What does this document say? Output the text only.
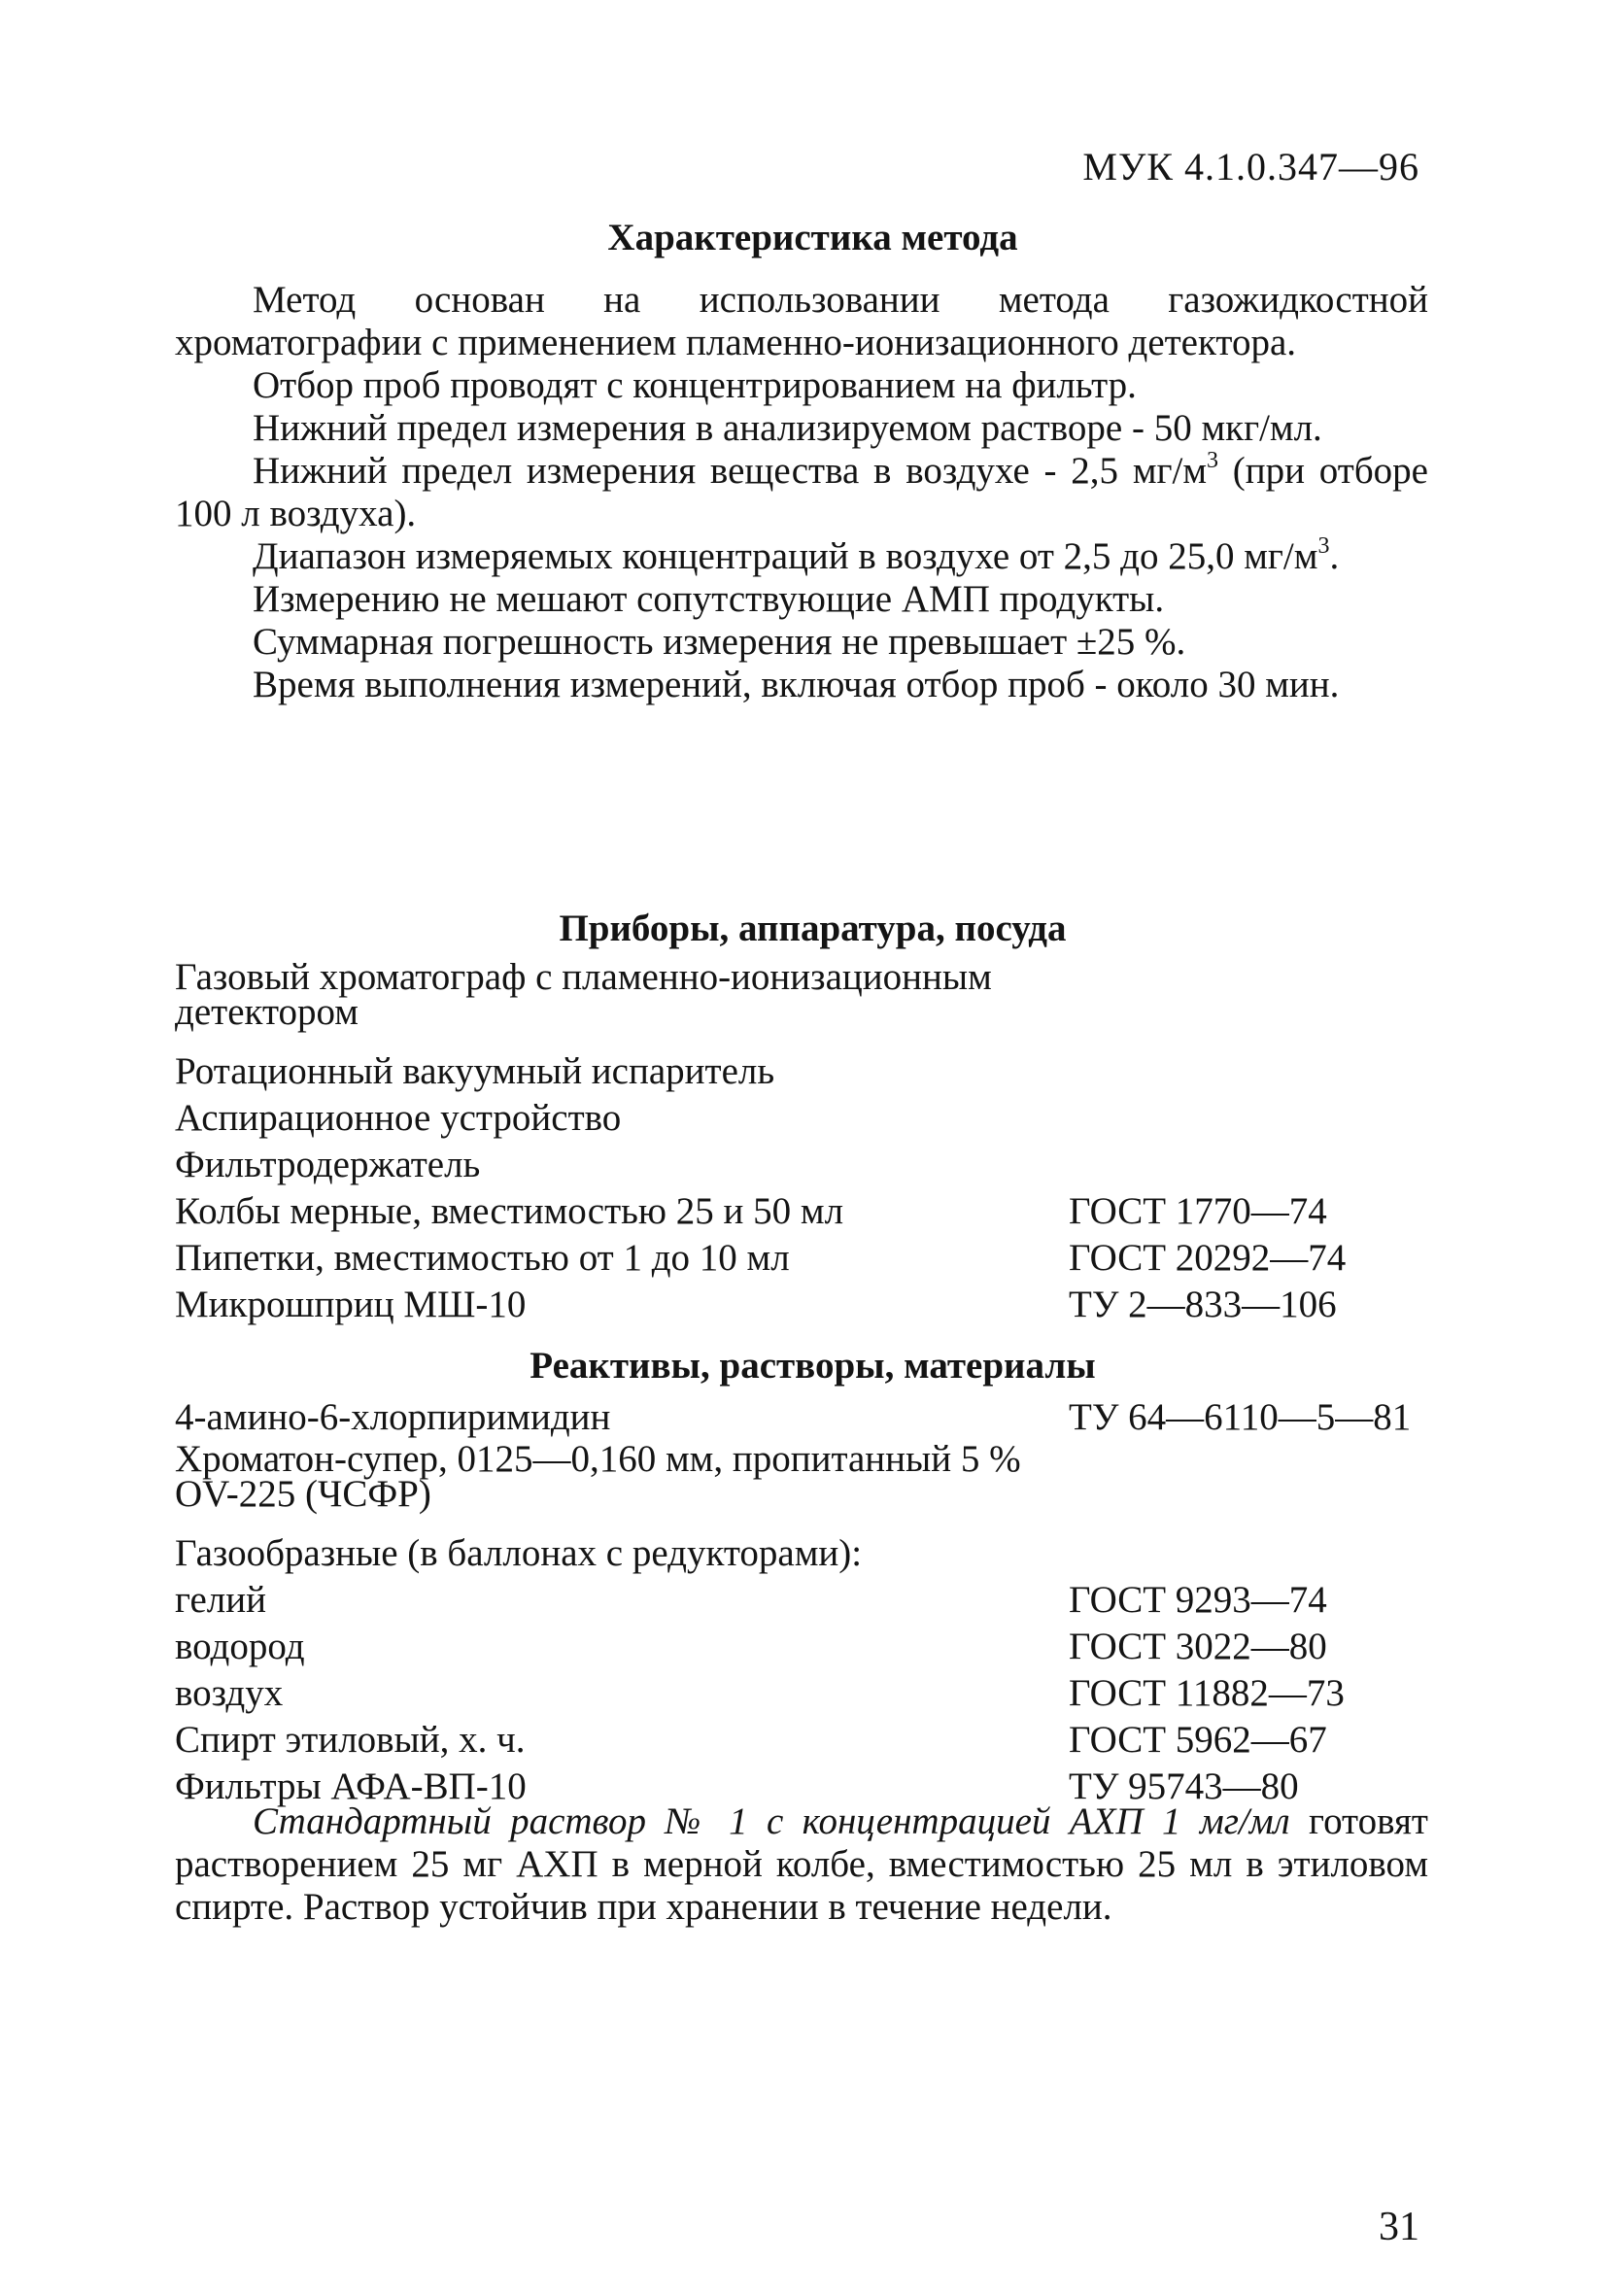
МУК 4.1.0.347—96
Характеристика метода

Метод основан на использовании метода газожидкостной хроматографии с применением пламенно-ионизационного детектора.

Отбор проб проводят с концентрированием на фильтр.

Нижний предел измерения в анализируемом растворе - 50 мкг/мл.

Нижний предел измерения вещества в воздухе - 2,5 $мг/м^3$ (при отборе 100 л воздуха).

Диапазон измеряемых концентраций в воздухе от 2,5 до 25,0 $мг/м^3$.

Измерению не мешают сопутствующие АМП продукты.

Суммарная погрешность измерения не превышает ±25 %.

Время выполнения измерений, включая отбор проб - около 30 мин.

Приборы, аппаратура, посуда
Газовый хроматограф с пламенно-ионизационным детектором
Ротационный вакуумный испаритель
Аспирационное устройство
Фильтродержатель
Колбы мерные, вместимостью 25 и 50 мл	ГОСТ 1770—74
Пипетки, вместимостью от 1 до 10 мл	ГОСТ 20292—74
Микрошприц МШ-10	ТУ 2—833—106
Реактивы, растворы, материалы
4-амино-6-хлорпиримидин	ТУ 64—6110—5—81
Хроматон-супер, 0125—0,160 мм, пропитанный 5 % OV-225 (ЧСФР)
Газообразные (в баллонах с редукторами):
гелий	ГОСТ 9293—74
водород	ГОСТ 3022—80
воздух	ГОСТ 11882—73
Спирт этиловый, х. ч.	ГОСТ 5962—67
Фильтры АФА-ВП-10	ТУ 95743—80

Стандартный раствор № 1 с концентрацией АХП 1 мг/мл готовят растворением 25 мг АХП в мерной колбе, вместимостью 25 мл в этиловом спирте. Раствор устойчив при хранении в течение недели.

31
